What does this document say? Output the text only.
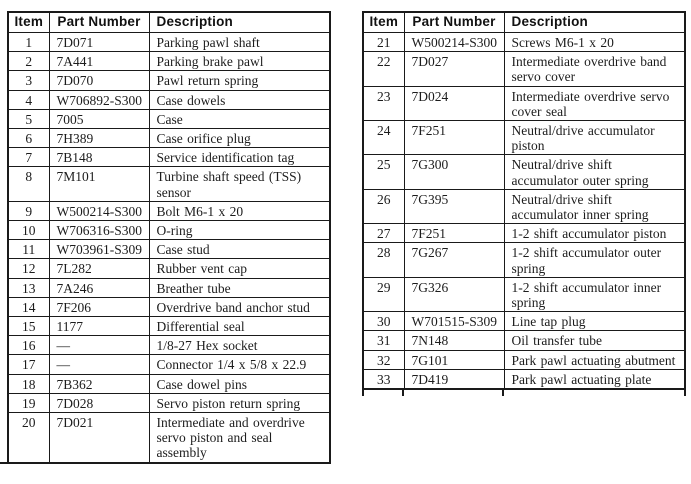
Item	Part Number	Description
1	7D071	Parking pawl shaft
2	7A441	Parking brake pawl
3	7D070	Pawl return spring
4	W706892-S300	Case dowels
5	7005	Case
6	7H389	Case orifice plug
7	7B148	Service identification tag
8	7M101	Turbine shaft speed (TSS) sensor
9	W500214-S300	Bolt M6-1 x 20
10	W706316-S300	O-ring
11	W703961-S309	Case stud
12	7L282	Rubber vent cap
13	7A246	Breather tube
14	7F206	Overdrive band anchor stud
15	1177	Differential seal
16	—	1/8-27 Hex socket
17	—	Connector 1/4 x 5/8 x 22.9
18	7B362	Case dowel pins
19	7D028	Servo piston return spring
20	7D021	Intermediate and overdrive servo piston and seal assembly
Item	Part Number	Description
21	W500214-S300	Screws M6-1 x 20
22	7D027	Intermediate overdrive band servo cover
23	7D024	Intermediate overdrive servo cover seal
24	7F251	Neutral/drive accumulator piston
25	7G300	Neutral/drive shift accumulator outer spring
26	7G395	Neutral/drive shift accumulator inner spring
27	7F251	1-2 shift accumulator piston
28	7G267	1-2 shift accumulator outer spring
29	7G326	1-2 shift accumulator inner spring
30	W701515-S309	Line tap plug
31	7N148	Oil transfer tube
32	7G101	Park pawl actuating abutment
33	7D419	Park pawl actuating plate
